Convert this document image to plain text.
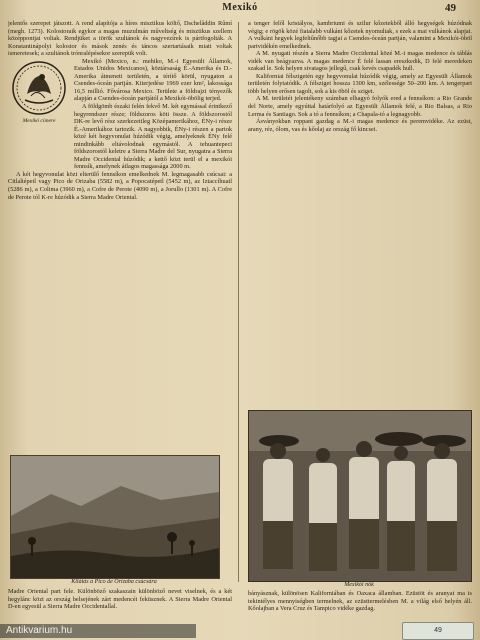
Mexikó	49

jelentős szerepet játszott. A rend alapítója a híres misztikus költő, Dschelâddin Rûmí (megh. 1273). Kolostoraik egykor a magas muzulmán műveltség és misztikus szellem középpontjai voltak. Rendjüket a török szultánok és nagyvezírek is pártfogolták. A Konstantinápolyi kolostor és mások zenés és táncos szertartásaik miatt voltak ismeretesek; a szultánok trónralépésekor szerepük volt.

Mexikó címere

Mexikó (Mexico, n.: mehiko, M.-i Egyesült Államok, Estados Unidos Mexicanos), köztársaság É.-Amerika és D.-Amerika átmeneti területén, a térítő körül, nyugaton a Csendes-óceán partján. Kiterjedése 1969 ezer km², lakossága 16,5 millió. Fővárosa Mexico. Területe a földrajzi tényezők alapján a Csendes-óceán partjától a Mexikói-öbölig terjed.

A földgömb északi felén fekvő M. két egymással érintkező hegyrendszer része; földszoros köti össze. A földszorostól DK-re levő rész szerkezetileg Középamerikához, ÉNy-i része É.-Amerikához tartozik. A nagyobbik, ÉNy-i részen a partok közé két hegyvonulat húzódik végig, amelyeknek ÉNy felé mindinkább eltávolodnak egymástól. A tehuantepeci földszorostól keletre a Sierra Madre del Sur, nyugatra a Sierra Madre Occidental húzódik; a kettő közt terül el a mexikói fennsík, amelynek átlagos magassága 2000 m.

A két hegyvonulat közt elterülő fennsíkon emelkednek M. legmagasabb csúcsai: a Citlaltépetl vagy Pico de Orizaba (5582 m), a Popocatépetl (5452 m), az Iztaccíhuatl (5286 m), a Colima (3960 m), a Cofre de Perote (4090 m), a Jorullo (1301 m). A Cofre de Perote tól K-re húzódik a Sierra Madre Oriental.

a tenger felől kristályos, kambriumi és szilur kőzetekből álló hegységek húzódnak végig; e rögök közé fiatalabb vulkáni kőzetek nyomultak, s ezek a mai vulkánok alapjai. A vulkáni hegyek legfeltűnőbb tagjai a Csendes-óceán partján, valamint a Mexikói-öböl partvidékén emelkednek.

A M. nyugati részén a Sierra Madre Occidental közé M.-i magas medence és táblás vidék van beágyazva. A magas medence É felé lassan ereszkedik, D felé meredeken szakad le. Sok helyen sivatagos jellegű, csak kevés csapadék hull.

Kaliforniai félszigetén egy hegyvonulat húzódik végig, amely az Egyesült Államok területén folytatódik. A félsziget hossza 1300 km, szélessége 50–200 km. A tengerpart több helyen erősen tagolt, sok a kis öböl és sziget.

A M. területét jelentékeny számban elhagyó folyók ered a fennsíkon: a Rio Grande del Norte, amely egyúttal határfolyó az Egyesült Államok felé, a Rio Balsas, a Rio Lerma és Santiago. Sok a tó a fennsíkon; a Chapala-tó a legnagyobb.

Ásványokban roppant gazdag a M.-i magas medence és peremvidéke. Az ezüst, arany, réz, ólom, vas és kőolaj az ország fő kincsei.

Kilátás a Pico de Orizaba csúcsára	Mexikói nők
Madre Oriental part fele. Különböző szakaszain különböző nevet viselnek, és a két hegylánc közt az ország belsejének zárt medencéi feküsznek. A Sierra Madre Oriental D-en egyesül a Sierra Madre Occidentallal.
bányásznak, különösen Kaliforniában és Oaxaca államban. Ezüstöt és aranyat ma is tekintélyes mennyiségben termelnek, az ezüsttermelésben M. a világ első helyén áll. Kőolajban a Vera Cruz és Tampico vidéke gazdag.
Antikvarium.hu	49
